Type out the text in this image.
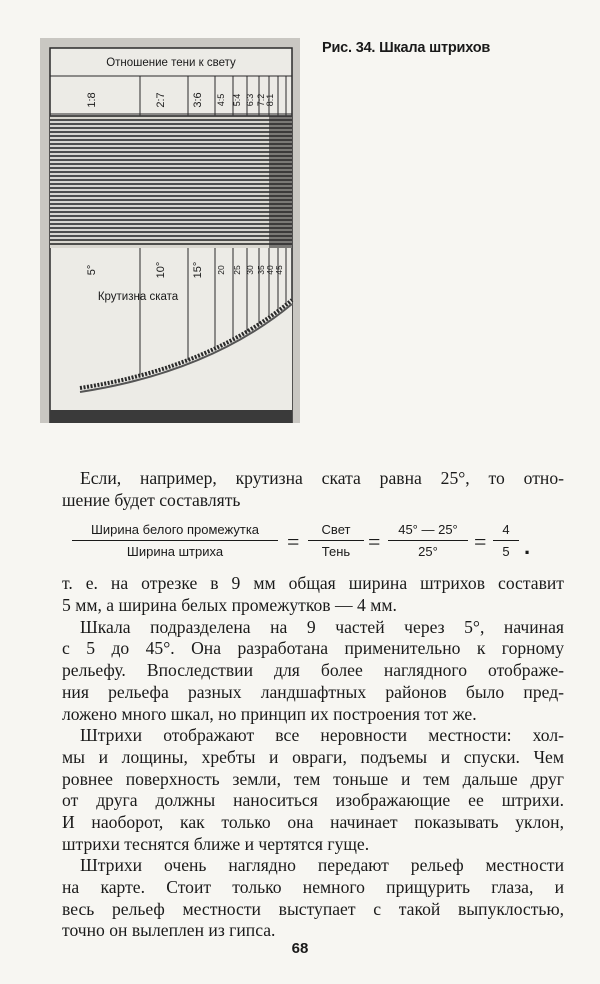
Отношение тени к свету
1:8	2:7 3:6 4:5 5:4 6:3 7:2 8:1
5°	10° 15° 20 25 30 35 40 45
Крутизна ската
Рис. 34. Шкала штрихов
Если, например, крутизна ската равна 25°, то отно-
шение будет составлять
т. е. на отрезке в 9 мм общая ширина штрихов составит
5 мм, а ширина белых промежутков — 4 мм.
Шкала подразделена на 9 частей через 5°, начиная
с 5 до 45°. Она разработана применительно к горному
рельефу. Впоследствии для более наглядного отображе-
ния рельефа разных ландшафтных районов было пред-
ложено много шкал, но принцип их построения тот же.
Штрихи отображают все неровности местности: хол-
мы и лощины, хребты и овраги, подъемы и спуски. Чем
ровнее поверхность земли, тем тоньше и тем дальше друг
от друга должны наноситься изображающие ее штрихи.
И наоборот, как только она начинает показывать уклон,
штрихи теснятся ближе и чертятся гуще.
Штрихи очень наглядно передают рельеф местности
на карте. Стоит только немного прищурить глаза, и
весь рельеф местности выступает с такой выпуклостью,
точно он вылеплен из гипса.
Ширина белого промежутка
Ширина штриха	=	Свет
Тень = $\frac{45^\circ — 25^\circ}{25^\circ} = \frac{4}{5}$ .
68
